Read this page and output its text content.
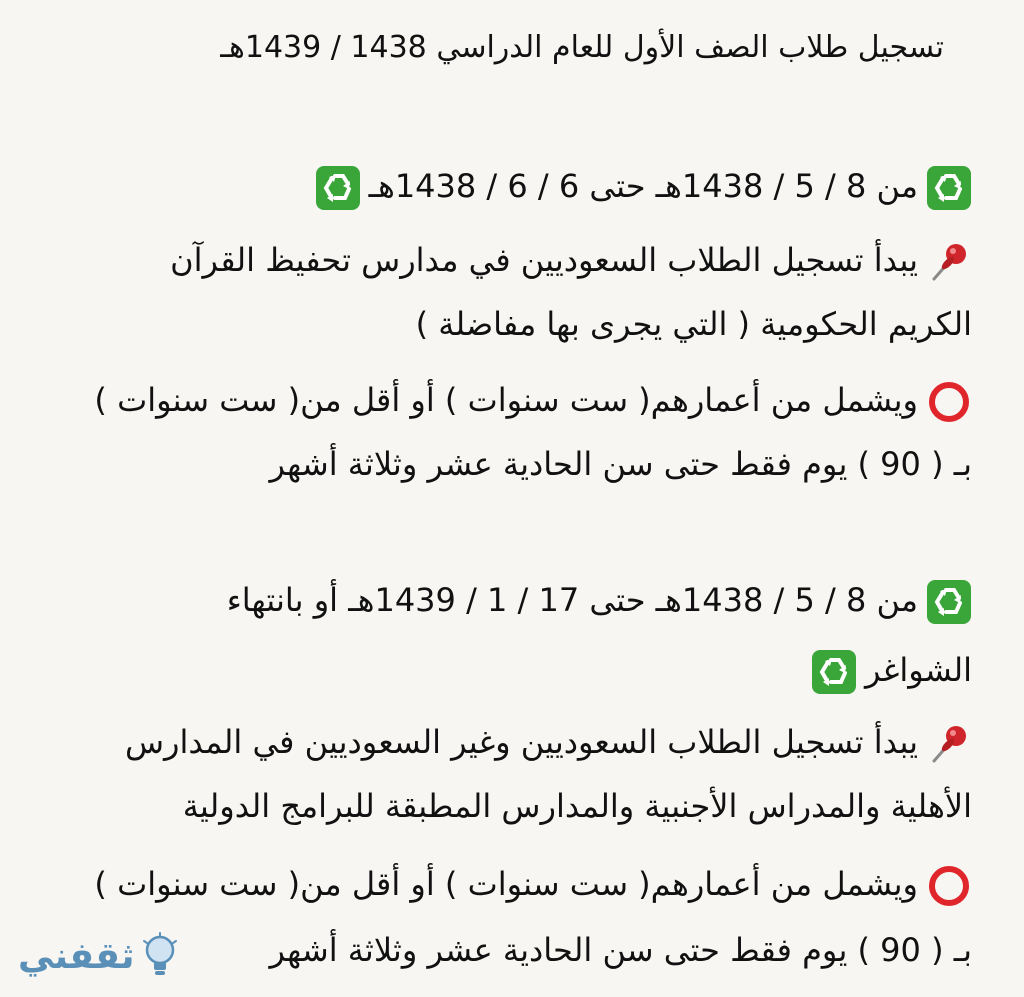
تسجيل طلاب الصف الأول للعام الدراسي 1438 / 1439هـ
من 8 / 5 / 1438هـ حتى 6 / 6 / 1438هـ
يبدأ تسجيل الطلاب السعوديين في مدارس تحفيظ القرآن
الكريم الحكومية ( التي يجرى بها مفاضلة )
ويشمل من أعمارهم( ست سنوات ) أو أقل من( ست سنوات )
بـ ( 90 ) يوم فقط حتى سن الحادية عشر وثلاثة أشهر
من 8 / 5 / 1438هـ حتى 17 / 1 / 1439هـ أو بانتهاء
الشواغر
يبدأ تسجيل الطلاب السعوديين وغير السعوديين في المدارس
الأهلية والمدراس الأجنبية والمدارس المطبقة للبرامج الدولية
ويشمل من أعمارهم( ست سنوات ) أو أقل من( ست سنوات )
بـ ( 90 ) يوم فقط حتى سن الحادية عشر وثلاثة أشهر
ثقفني
